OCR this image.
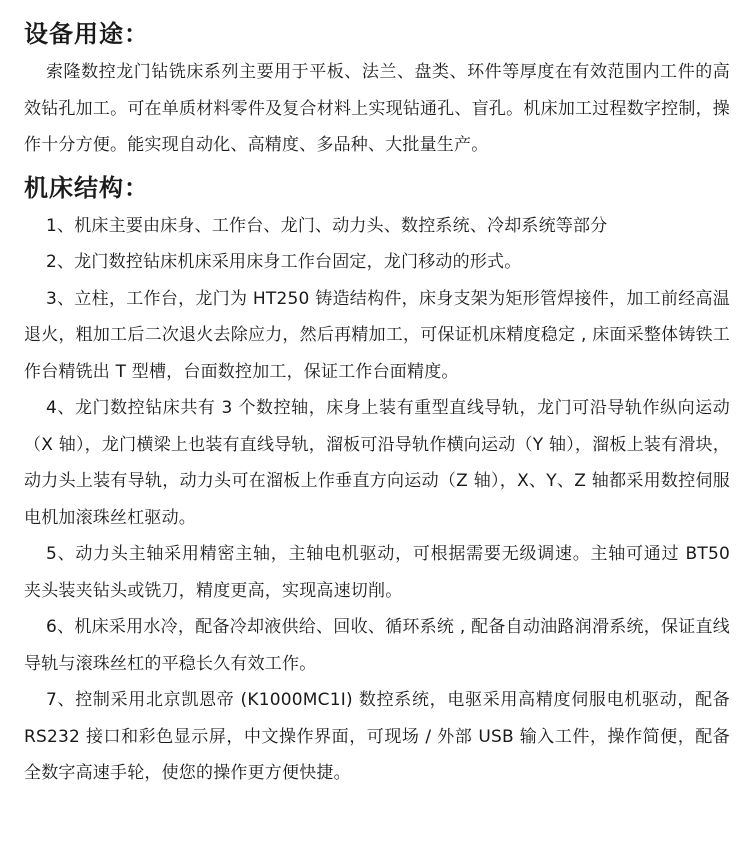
设备用途：

索隆数控龙门钻铣床系列主要用于平板、法兰、盘类、环件等厚度在有效范围内工件的高效钻孔加工。可在单质材料零件及复合材料上实现钻通孔、盲孔。机床加工过程数字控制，操作十分方便。能实现自动化、高精度、多品种、大批量生产。

机床结构：

1、机床主要由床身、工作台、龙门、动力头、数控系统、冷却系统等部分

2、龙门数控钻床机床采用床身工作台固定，龙门移动的形式。

3、立柱，工作台，龙门为 HT250 铸造结构件，床身支架为矩形管焊接件，加工前经高温退火，粗加工后二次退火去除应力，然后再精加工，可保证机床精度稳定 , 床面采整体铸铁工作台精铣出 T 型槽，台面数控加工，保证工作台面精度。

4、龙门数控钻床共有 3 个数控轴，床身上装有重型直线导轨，龙门可沿导轨作纵向运动（X 轴），龙门横梁上也装有直线导轨，溜板可沿导轨作横向运动（Y 轴），溜板上装有滑块，动力头上装有导轨，动力头可在溜板上作垂直方向运动（Z 轴），X、Y、Z 轴都采用数控伺服电机加滚珠丝杠驱动。

5、动力头主轴采用精密主轴，主轴电机驱动，可根据需要无级调速。主轴可通过 BT50 夹头装夹钻头或铣刀，精度更高，实现高速切削。

6、机床采用水冷，配备冷却液供给、回收、循环系统 , 配备自动油路润滑系统，保证直线导轨与滚珠丝杠的平稳长久有效工作。

7、控制采用北京凯恩帝 (K1000MC1I) 数控系统，电驱采用高精度伺服电机驱动，配备 RS232 接口和彩色显示屏，中文操作界面，可现场 / 外部 USB 输入工件，操作简便，配备全数字高速手轮，使您的操作更方便快捷。
